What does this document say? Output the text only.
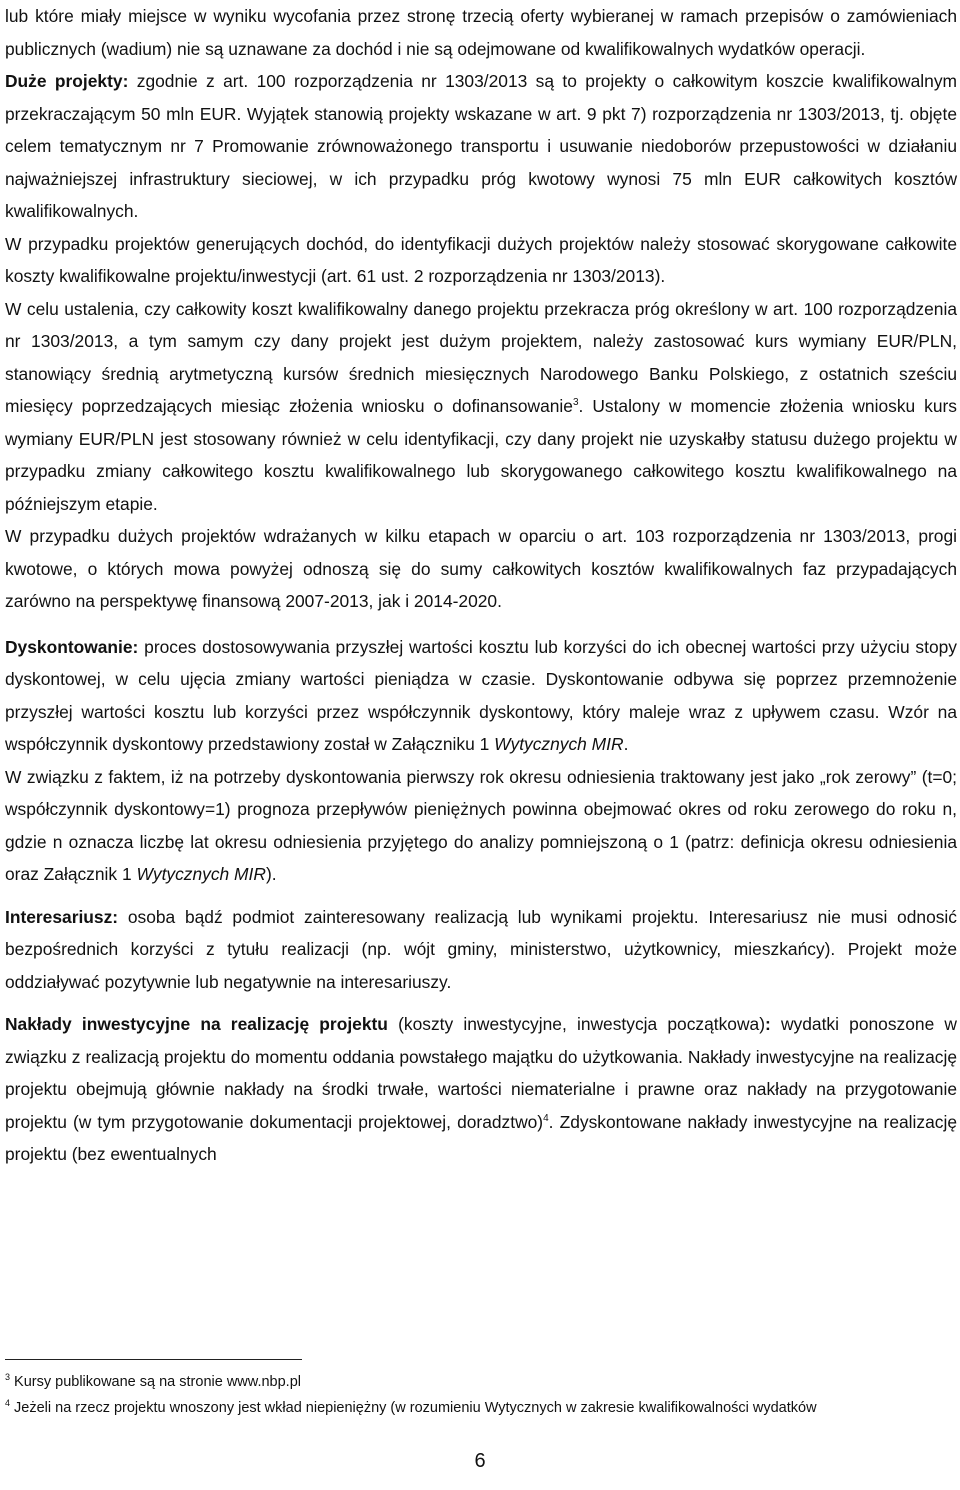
lub które miały miejsce w wyniku wycofania przez stronę trzecią oferty wybieranej w ramach przepisów o zamówieniach publicznych (wadium) nie są uznawane za dochód i nie są odejmowane od kwalifikowalnych wydatków operacji.

Duże projekty: zgodnie z art. 100 rozporządzenia nr 1303/2013 są to projekty o całkowitym koszcie kwalifikowalnym przekraczającym 50 mln EUR. Wyjątek stanowią projekty wskazane w art. 9 pkt 7) rozporządzenia nr 1303/2013, tj. objęte celem tematycznym nr 7 Promowanie zrównoważonego transportu i usuwanie niedoborów przepustowości w działaniu najważniejszej infrastruktury sieciowej, w ich przypadku próg kwotowy wynosi 75 mln EUR całkowitych kosztów kwalifikowalnych.

W przypadku projektów generujących dochód, do identyfikacji dużych projektów należy stosować skorygowane całkowite koszty kwalifikowalne projektu/inwestycji (art. 61 ust. 2 rozporządzenia nr 1303/2013).

W celu ustalenia, czy całkowity koszt kwalifikowalny danego projektu przekracza próg określony w art. 100 rozporządzenia nr 1303/2013, a tym samym czy dany projekt jest dużym projektem, należy zastosować kurs wymiany EUR/PLN, stanowiący średnią arytmetyczną kursów średnich miesięcznych Narodowego Banku Polskiego, z ostatnich sześciu miesięcy poprzedzających miesiąc złożenia wniosku o dofinansowanie$^3$. Ustalony w momencie złożenia wniosku kurs wymiany EUR/PLN jest stosowany również w celu identyfikacji, czy dany projekt nie uzyskałby statusu dużego projektu w przypadku zmiany całkowitego kosztu kwalifikowalnego lub skorygowanego całkowitego kosztu kwalifikowalnego na późniejszym etapie.

W przypadku dużych projektów wdrażanych w kilku etapach w oparciu o art. 103 rozporządzenia nr 1303/2013, progi kwotowe, o których mowa powyżej odnoszą się do sumy całkowitych kosztów kwalifikowalnych faz przypadających zarówno na perspektywę finansową 2007-2013, jak i 2014-2020.

Dyskontowanie: proces dostosowywania przyszłej wartości kosztu lub korzyści do ich obecnej wartości przy użyciu stopy dyskontowej, w celu ujęcia zmiany wartości pieniądza w czasie. Dyskontowanie odbywa się poprzez przemnożenie przyszłej wartości kosztu lub korzyści przez współczynnik dyskontowy, który maleje wraz z upływem czasu. Wzór na współczynnik dyskontowy przedstawiony został w Załączniku 1 Wytycznych MIR.

W związku z faktem, iż na potrzeby dyskontowania pierwszy rok okresu odniesienia traktowany jest jako „rok zerowy” (t=0; współczynnik dyskontowy=1) prognoza przepływów pieniężnych powinna obejmować okres od roku zerowego do roku n, gdzie n oznacza liczbę lat okresu odniesienia przyjętego do analizy pomniejszoną o 1 (patrz: definicja okresu odniesienia oraz Załącznik 1 Wytycznych MIR).

Interesariusz: osoba bądź podmiot zainteresowany realizacją lub wynikami projektu. Interesariusz nie musi odnosić bezpośrednich korzyści z tytułu realizacji (np. wójt gminy, ministerstwo, użytkownicy, mieszkańcy). Projekt może oddziaływać pozytywnie lub negatywnie na interesariuszy.

Nakłady inwestycyjne na realizację projektu (koszty inwestycyjne, inwestycja początkowa): wydatki ponoszone w związku z realizacją projektu do momentu oddania powstałego majątku do użytkowania. Nakłady inwestycyjne na realizację projektu obejmują głównie nakłady na środki trwałe, wartości niematerialne i prawne oraz nakłady na przygotowanie projektu (w tym przygotowanie dokumentacji projektowej, doradztwo)$^4$. Zdyskontowane nakłady inwestycyjne na realizację projektu (bez ewentualnych

$^3$ Kursy publikowane są na stronie www.nbp.pl

$^4$ Jeżeli na rzecz projektu wnoszony jest wkład niepieniężny (w rozumieniu Wytycznych w zakresie kwalifikowalności wydatków

6
